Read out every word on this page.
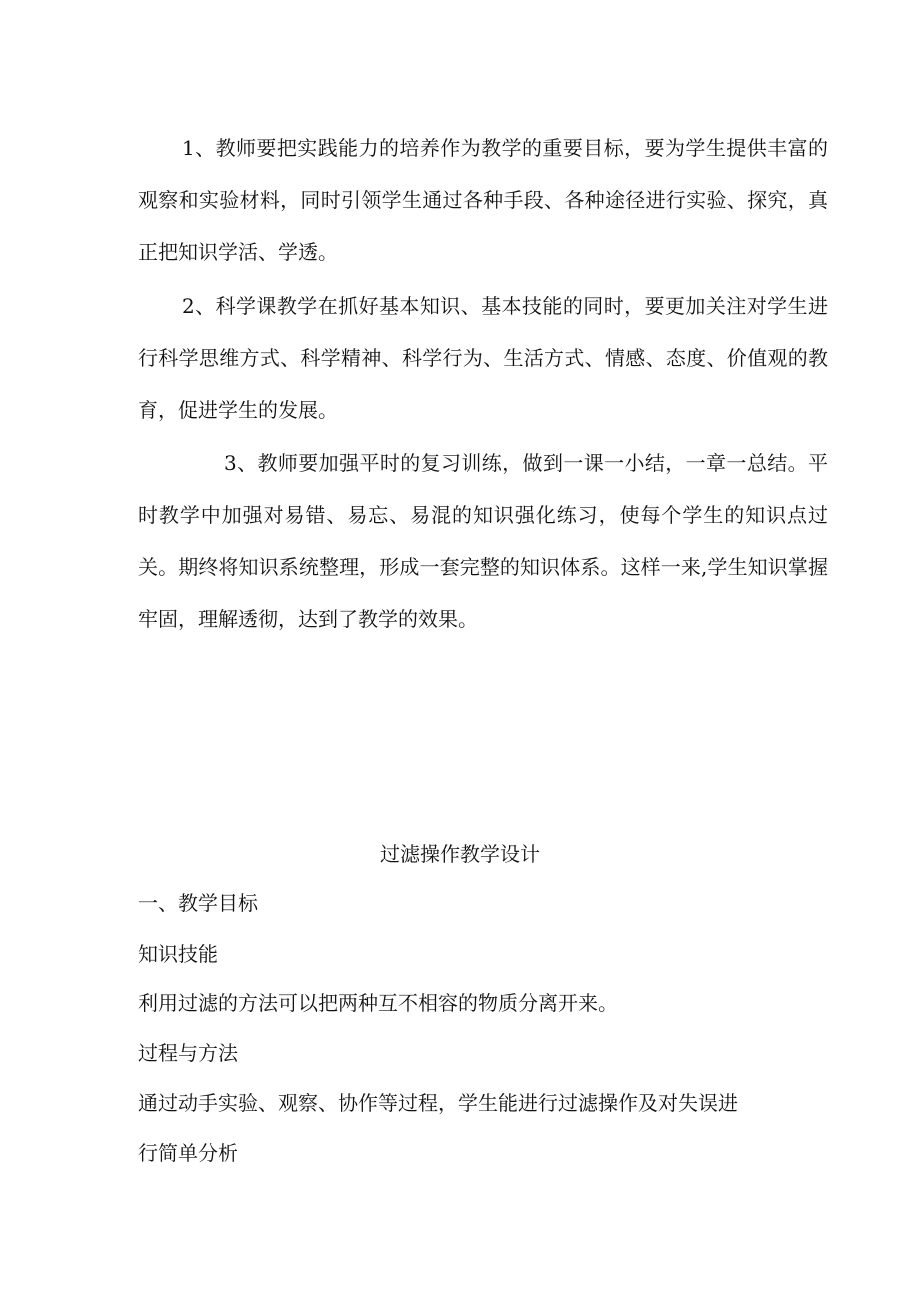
1、教师要把实践能力的培养作为教学的重要目标，要为学生提供丰富的观察和实验材料，同时引领学生通过各种手段、各种途径进行实验、探究，真正把知识学活、学透。

2、科学课教学在抓好基本知识、基本技能的同时，要更加关注对学生进行科学思维方式、科学精神、科学行为、生活方式、情感、态度、价值观的教育，促进学生的发展。

3、教师要加强平时的复习训练，做到一课一小结，一章一总结。平时教学中加强对易错、易忘、易混的知识强化练习，使每个学生的知识点过关。期终将知识系统整理，形成一套完整的知识体系。这样一来,学生知识掌握牢固，理解透彻，达到了教学的效果。

过滤操作教学设计

一、教学目标

知识技能

利用过滤的方法可以把两种互不相容的物质分离开来。

过程与方法

通过动手实验、观察、协作等过程，学生能进行过滤操作及对失误进

行简单分析
